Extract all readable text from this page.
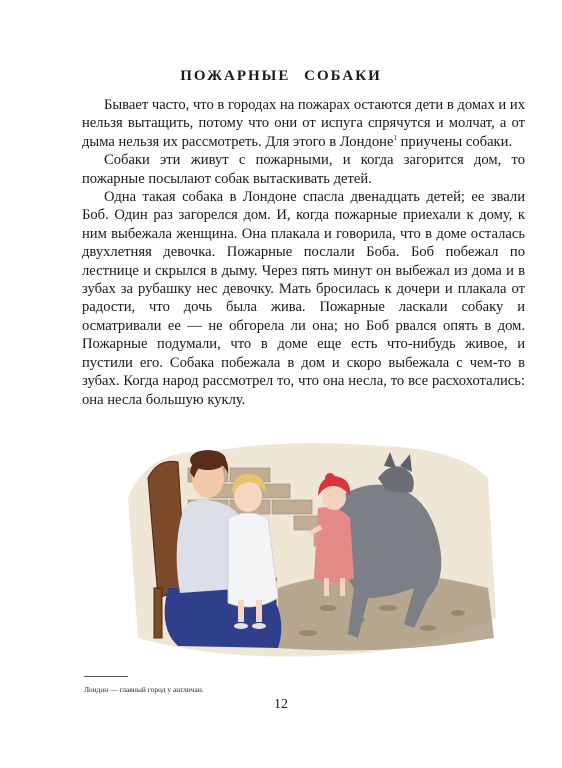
ПОЖАРНЫЕ СОБАКИ

Бывает часто, что в городах на пожарах остаются дети в домах и их нельзя вытащить, потому что они от испуга спрячутся и молчат, а от дыма нельзя их рассмотреть. Для этого в Лондоне$^1$ приучены собаки.

Собаки эти живут с пожарными, и когда загорится дом, то пожарные посылают собак вытаскивать детей.

Одна такая собака в Лондоне спасла двенадцать детей; ее звали Боб. Один раз загорелся дом. И, когда пожарные приехали к дому, к ним выбежала женщина. Она плакала и говорила, что в доме осталась двухлетняя девочка. Пожарные послали Боба. Боб побежал по лестнице и скрылся в дыму. Через пять минут он выбежал из дома и в зубах за рубашку нес девочку. Мать бросилась к дочери и плакала от радости, что дочь была жива. Пожарные ласкали собаку и осматривали ее — не обгорела ли она; но Боб рвался опять в дом. Пожарные подумали, что в доме еще есть что-нибудь живое, и пустили его. Собака побежала в дом и скоро выбежала с чем-то в зубах. Когда народ рассмотрел то, что она несла, то все расхохотались: она несла большую куклу.

Лондон — главный город у англичан.
12
